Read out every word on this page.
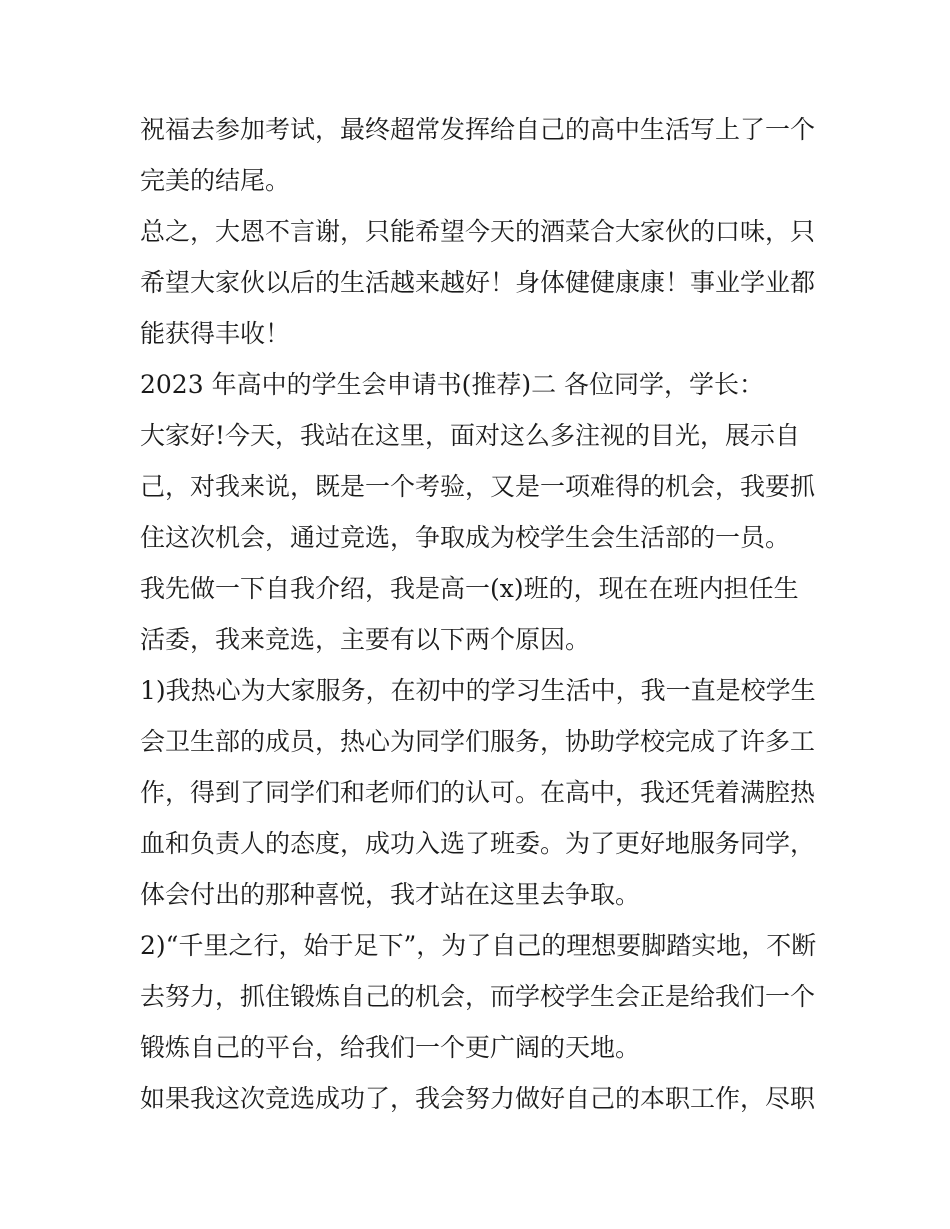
祝福去参加考试，最终超常发挥给自己的高中生活写上了一个
完美的结尾。

总之，大恩不言谢，只能希望今天的酒菜合大家伙的口味，只
希望大家伙以后的生活越来越好！身体健健康康！事业学业都
能获得丰收！

2023 年高中的学生会申请书(推荐)二 各位同学，学长：

大家好!今天，我站在这里，面对这么多注视的目光，展示自
己，对我来说，既是一个考验，又是一项难得的机会，我要抓
住这次机会，通过竞选，争取成为校学生会生活部的一员。

我先做一下自我介绍，我是高一(x)班的，现在在班内担任生
活委，我来竞选，主要有以下两个原因。

1)我热心为大家服务，在初中的学习生活中，我一直是校学生
会卫生部的成员，热心为同学们服务，协助学校完成了许多工
作，得到了同学们和老师们的认可。在高中，我还凭着满腔热
血和负责人的态度，成功入选了班委。为了更好地服务同学，
体会付出的那种喜悦，我才站在这里去争取。

2)“千里之行，始于足下”，为了自己的理想要脚踏实地，不断
去努力，抓住锻炼自己的机会，而学校学生会正是给我们一个
锻炼自己的平台，给我们一个更广阔的天地。

如果我这次竞选成功了，我会努力做好自己的本职工作，尽职
